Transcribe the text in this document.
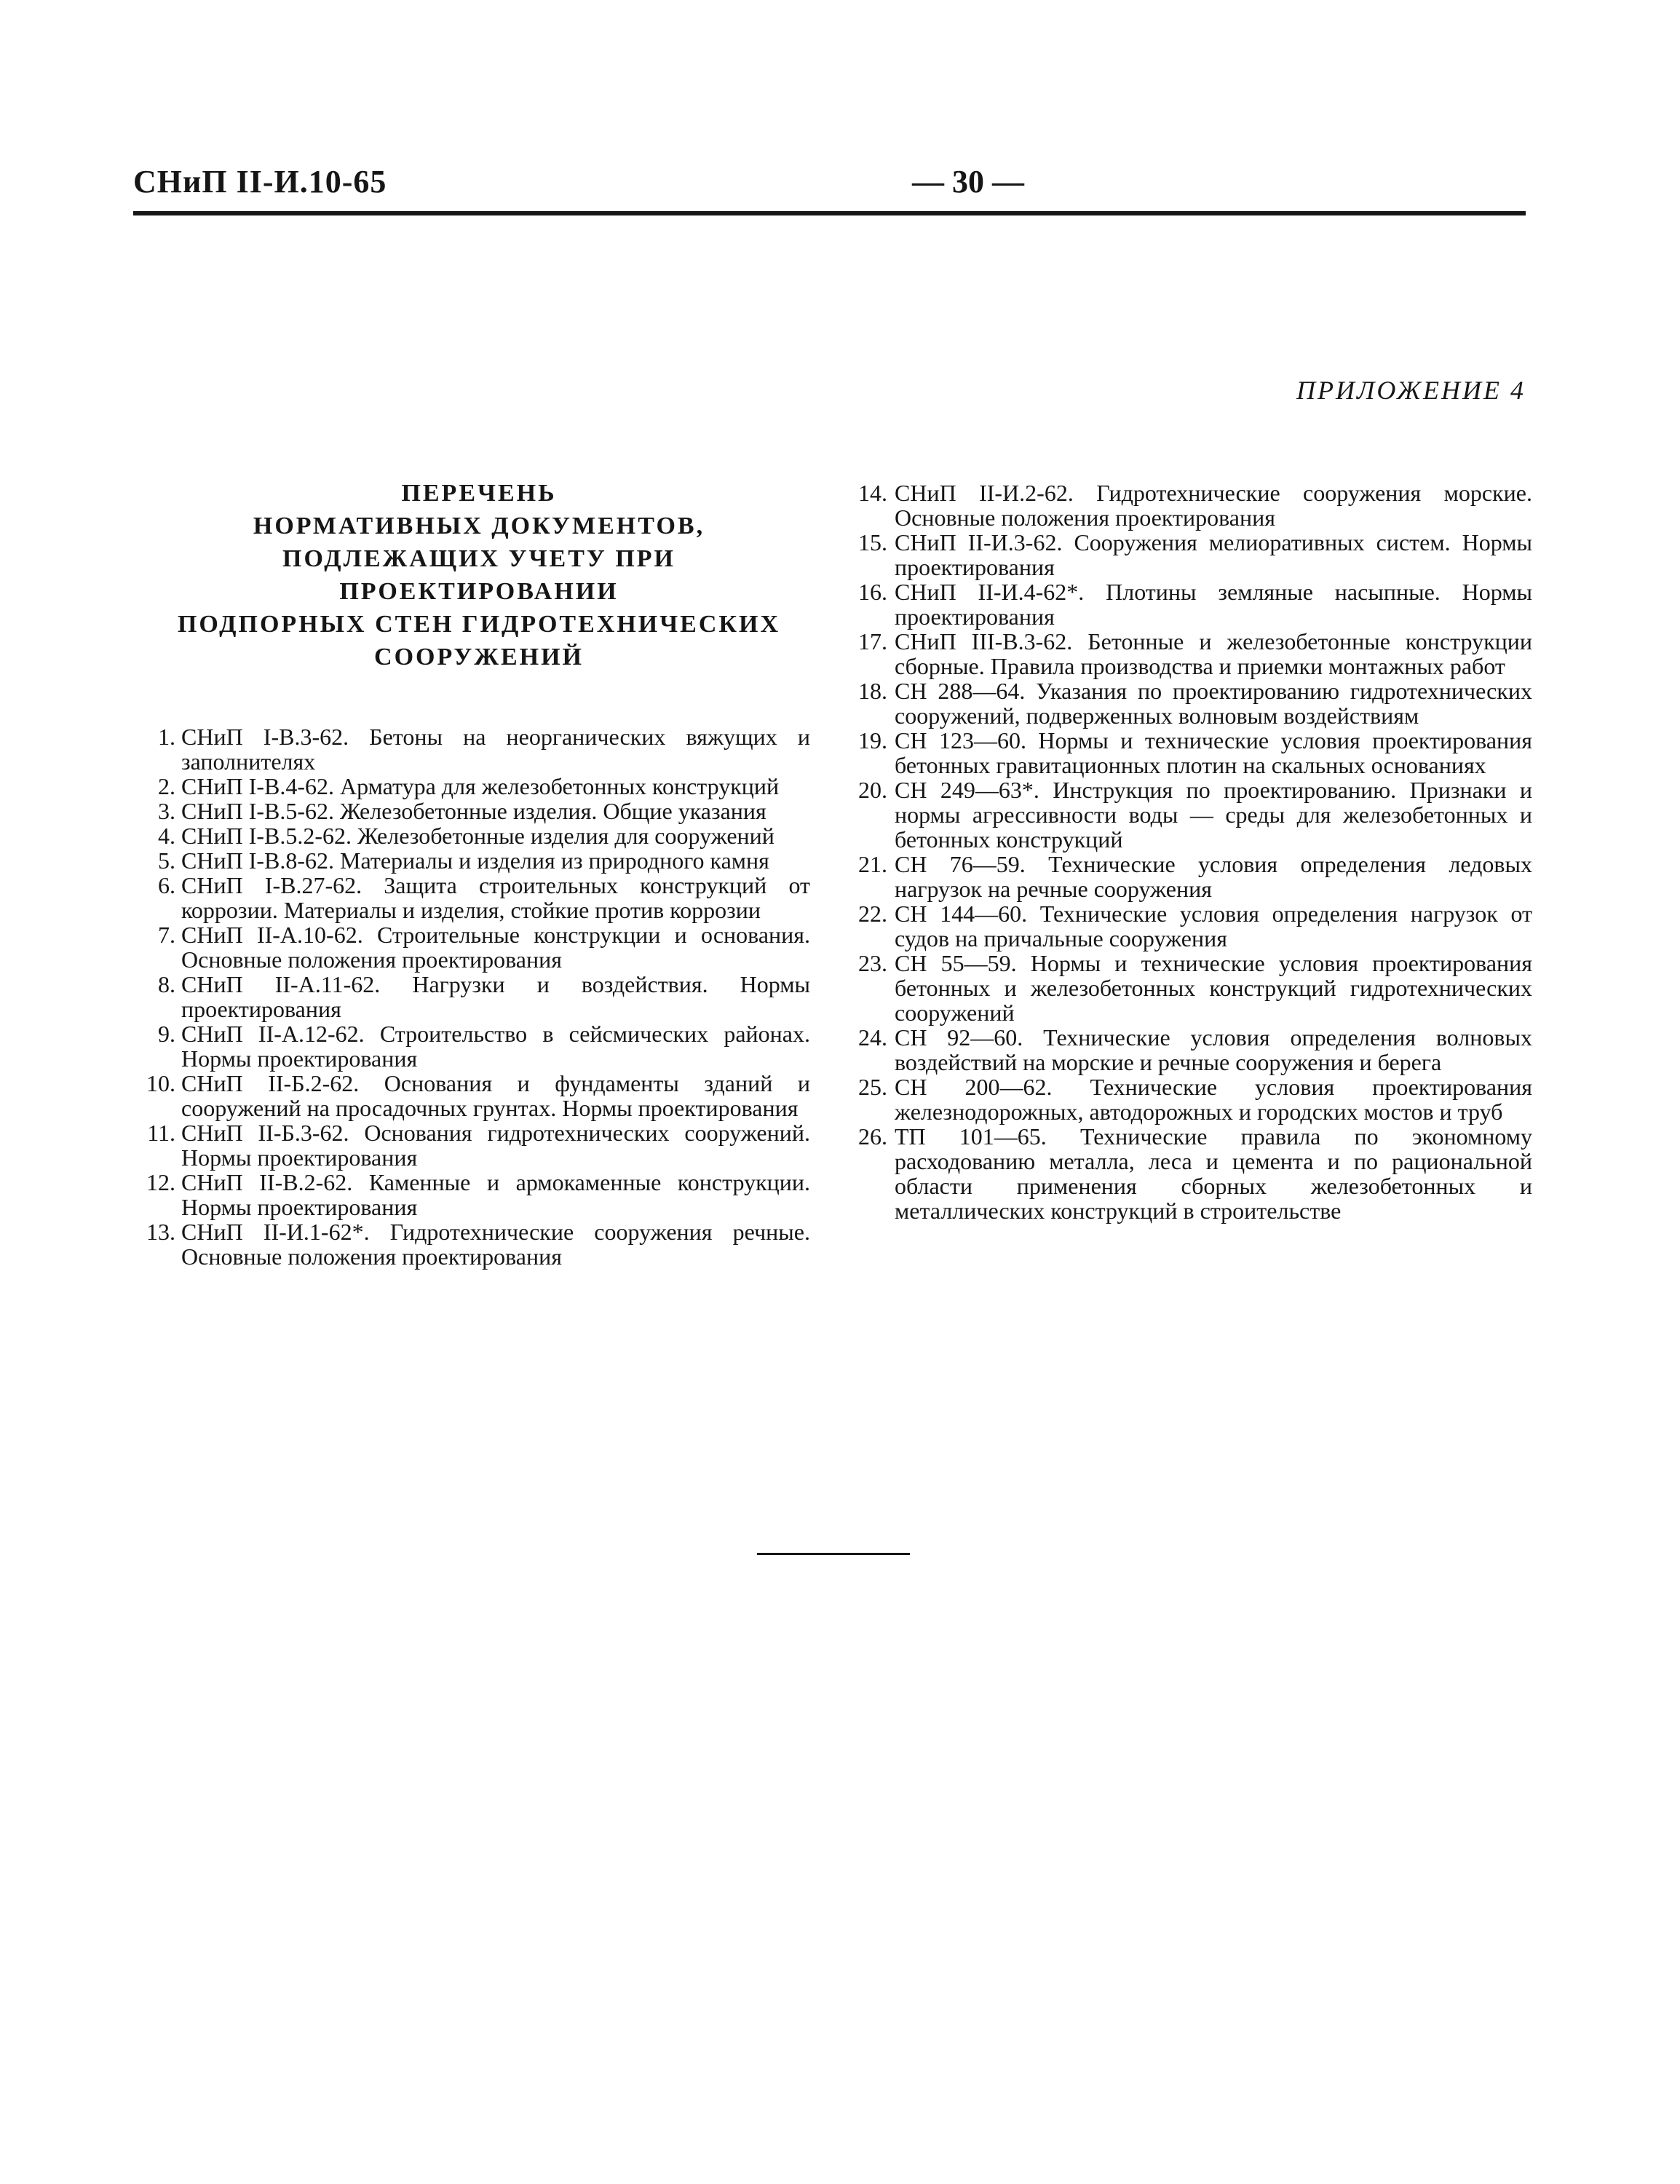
СНиП II-И.10-65	— 30 —
ПРИЛОЖЕНИЕ 4
ПЕРЕЧЕНЬ
НОРМАТИВНЫХ ДОКУМЕНТОВ,
ПОДЛЕЖАЩИХ УЧЕТУ ПРИ ПРОЕКТИРОВАНИИ
ПОДПОРНЫХ СТЕН ГИДРОТЕХНИЧЕСКИХ
СООРУЖЕНИЙ
1. СНиП I-В.3-62. Бетоны на неорганических вяжущих и заполнителях
2. СНиП I-В.4-62. Арматура для железобетонных конструкций
3. СНиП I-В.5-62. Железобетонные изделия. Общие указания
4. СНиП I-В.5.2-62. Железобетонные изделия для сооружений
5. СНиП I-В.8-62. Материалы и изделия из природного камня
6. СНиП I-В.27-62. Защита строительных конструкций от коррозии. Материалы и изделия, стойкие против коррозии
7. СНиП II-А.10-62. Строительные конструкции и основания. Основные положения проектирования
8. СНиП II-А.11-62. Нагрузки и воздействия. Нормы проектирования
9. СНиП II-А.12-62. Строительство в сейсмических районах. Нормы проектирования
10. СНиП II-Б.2-62. Основания и фундаменты зданий и сооружений на просадочных грунтах. Нормы проектирования
11. СНиП II-Б.3-62. Основания гидротехнических сооружений. Нормы проектирования
12. СНиП II-В.2-62. Каменные и армокаменные конструкции. Нормы проектирования
13. СНиП II-И.1-62*. Гидротехнические сооружения речные. Основные положения проектирования
14. СНиП II-И.2-62. Гидротехнические сооружения морские. Основные положения проектирования
15. СНиП II-И.3-62. Сооружения мелиоративных систем. Нормы проектирования
16. СНиП II-И.4-62*. Плотины земляные насыпные. Нормы проектирования
17. СНиП III-В.3-62. Бетонные и железобетонные конструкции сборные. Правила производства и приемки монтажных работ
18. СН 288—64. Указания по проектированию гидротехнических сооружений, подверженных волновым воздействиям
19. СН 123—60. Нормы и технические условия проектирования бетонных гравитационных плотин на скальных основаниях
20. СН 249—63*. Инструкция по проектированию. Признаки и нормы агрессивности воды — среды для железобетонных и бетонных конструкций
21. СН 76—59. Технические условия определения ледовых нагрузок на речные сооружения
22. СН 144—60. Технические условия определения нагрузок от судов на причальные сооружения
23. СН 55—59. Нормы и технические условия проектирования бетонных и железобетонных конструкций гидротехнических сооружений
24. СН 92—60. Технические условия определения волновых воздействий на морские и речные сооружения и берега
25. СН 200—62. Технические условия проектирования железнодорожных, автодорожных и городских мостов и труб
26. ТП 101—65. Технические правила по экономному расходованию металла, леса и цемента и по рациональной области применения сборных железобетонных и металлических конструкций в строительстве
